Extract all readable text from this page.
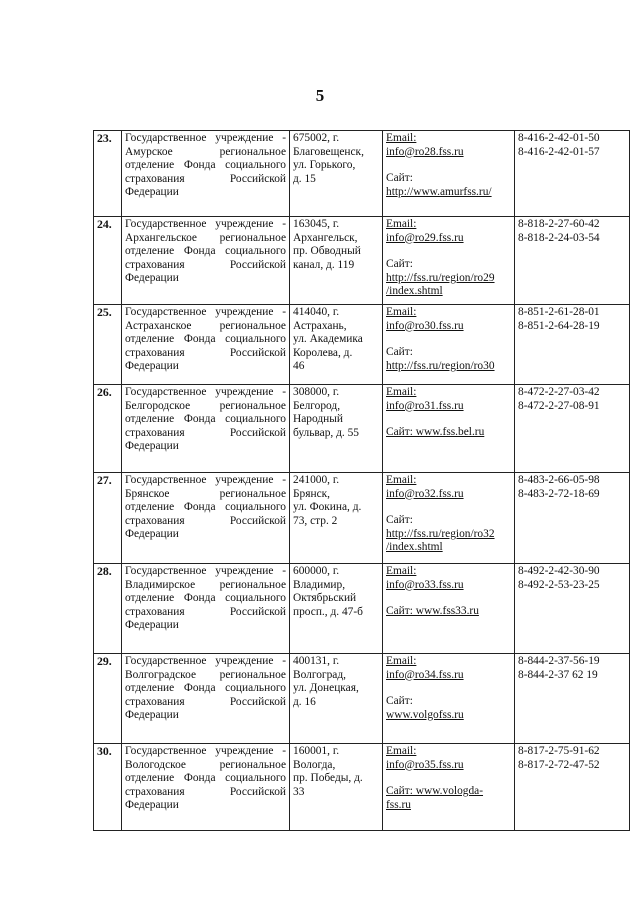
5
23.	Государственное учреждение - Амурское региональное отделение Фонда социального страхования Российской Федерации	675002, г.
Благовещенск,
ул. Горького,
д. 15	Email:
info@ro28.fss.ru
Сайт:
http://www.amurfss.ru/	8-416-2-42-01-50
8-416-2-42-01-57

24.	Государственное учреждение - Архангельское региональное отделение Фонда социального страхования Российской Федерации	163045, г.
Архангельск,
пр. Обводный
канал, д. 119	Email:
info@ro29.fss.ru
Сайт:
http://fss.ru/region/ro29
/index.shtml	8-818-2-27-60-42
8-818-2-24-03-54

25.	Государственное учреждение - Астраханское региональное отделение Фонда социального страхования Российской Федерации	414040, г.
Астрахань,
ул. Академика
Королева, д.
46	Email:
info@ro30.fss.ru
Сайт:
http://fss.ru/region/ro30	8-851-2-61-28-01
8-851-2-64-28-19

26.	Государственное учреждение - Белгородское региональное отделение Фонда социального страхования Российской Федерации	308000, г.
Белгород,
Народный
бульвар, д. 55	Email:
info@ro31.fss.ru
Сайт: www.fss.bel.ru	8-472-2-27-03-42
8-472-2-27-08-91

27.	Государственное учреждение - Брянское региональное отделение Фонда социального страхования Российской Федерации	241000, г.
Брянск,
ул. Фокина, д.
73, стр. 2	Email:
info@ro32.fss.ru
Сайт:
http://fss.ru/region/ro32
/index.shtml	8-483-2-66-05-98
8-483-2-72-18-69

28.	Государственное учреждение - Владимирское региональное отделение Фонда социального страхования Российской Федерации	600000, г.
Владимир,
Октябрьский
просп., д. 47-б	Email:
info@ro33.fss.ru
Сайт: www.fss33.ru	8-492-2-42-30-90
8-492-2-53-23-25

29.	Государственное учреждение - Волгоградское региональное отделение Фонда социального страхования Российской Федерации	400131, г.
Волгоград,
ул. Донецкая,
д. 16	Email:
info@ro34.fss.ru
Сайт:
www.volgofss.ru	8-844-2-37-56-19
8-844-2-37 62 19

30.	Государственное учреждение - Вологодское региональное отделение Фонда социального страхования Российской Федерации	160001, г.
Вологда,
пр. Победы, д.
33	Email:
info@ro35.fss.ru
Сайт: www.vologda-
fss.ru	8-817-2-75-91-62
8-817-2-72-47-52
